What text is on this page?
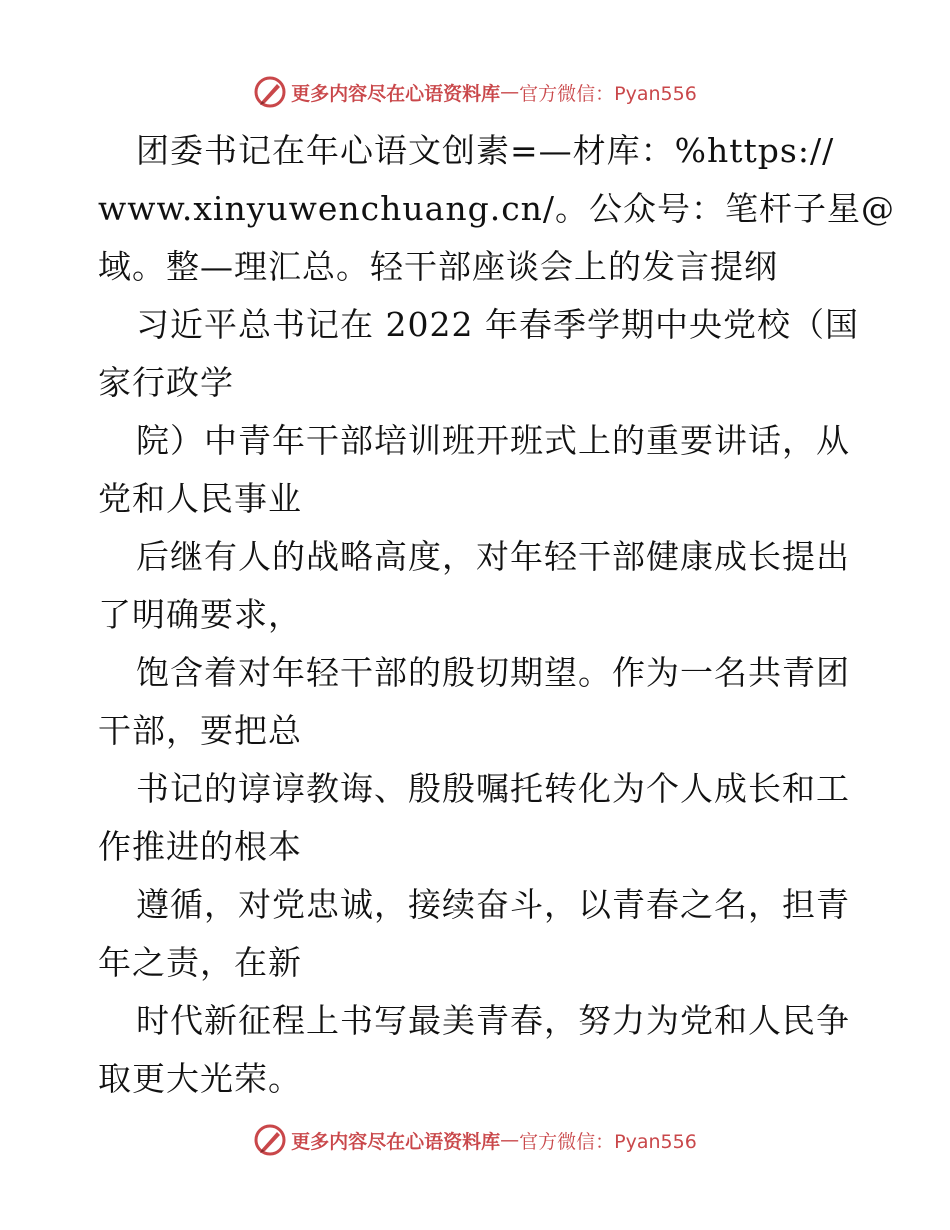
更多内容尽在心语资料库 — 官方微信：Pyan556
团委书记在年心语文创素=—材库：%https://
www.xinyuwenchuang.cn/。公众号：笔杆子星@
域。整—理汇总。轻干部座谈会上的发言提纲
习近平总书记在 2022 年春季学期中央党校（国
家行政学
院）中青年干部培训班开班式上的重要讲话，从
党和人民事业
后继有人的战略高度，对年轻干部健康成长提出
了明确要求，
饱含着对年轻干部的殷切期望。作为一名共青团
干部，要把总
书记的谆谆教诲、殷殷嘱托转化为个人成长和工
作推进的根本
遵循，对党忠诚，接续奋斗，以青春之名，担青
年之责，在新
时代新征程上书写最美青春，努力为党和人民争
取更大光荣。
更多内容尽在心语资料库 — 官方微信：Pyan556
